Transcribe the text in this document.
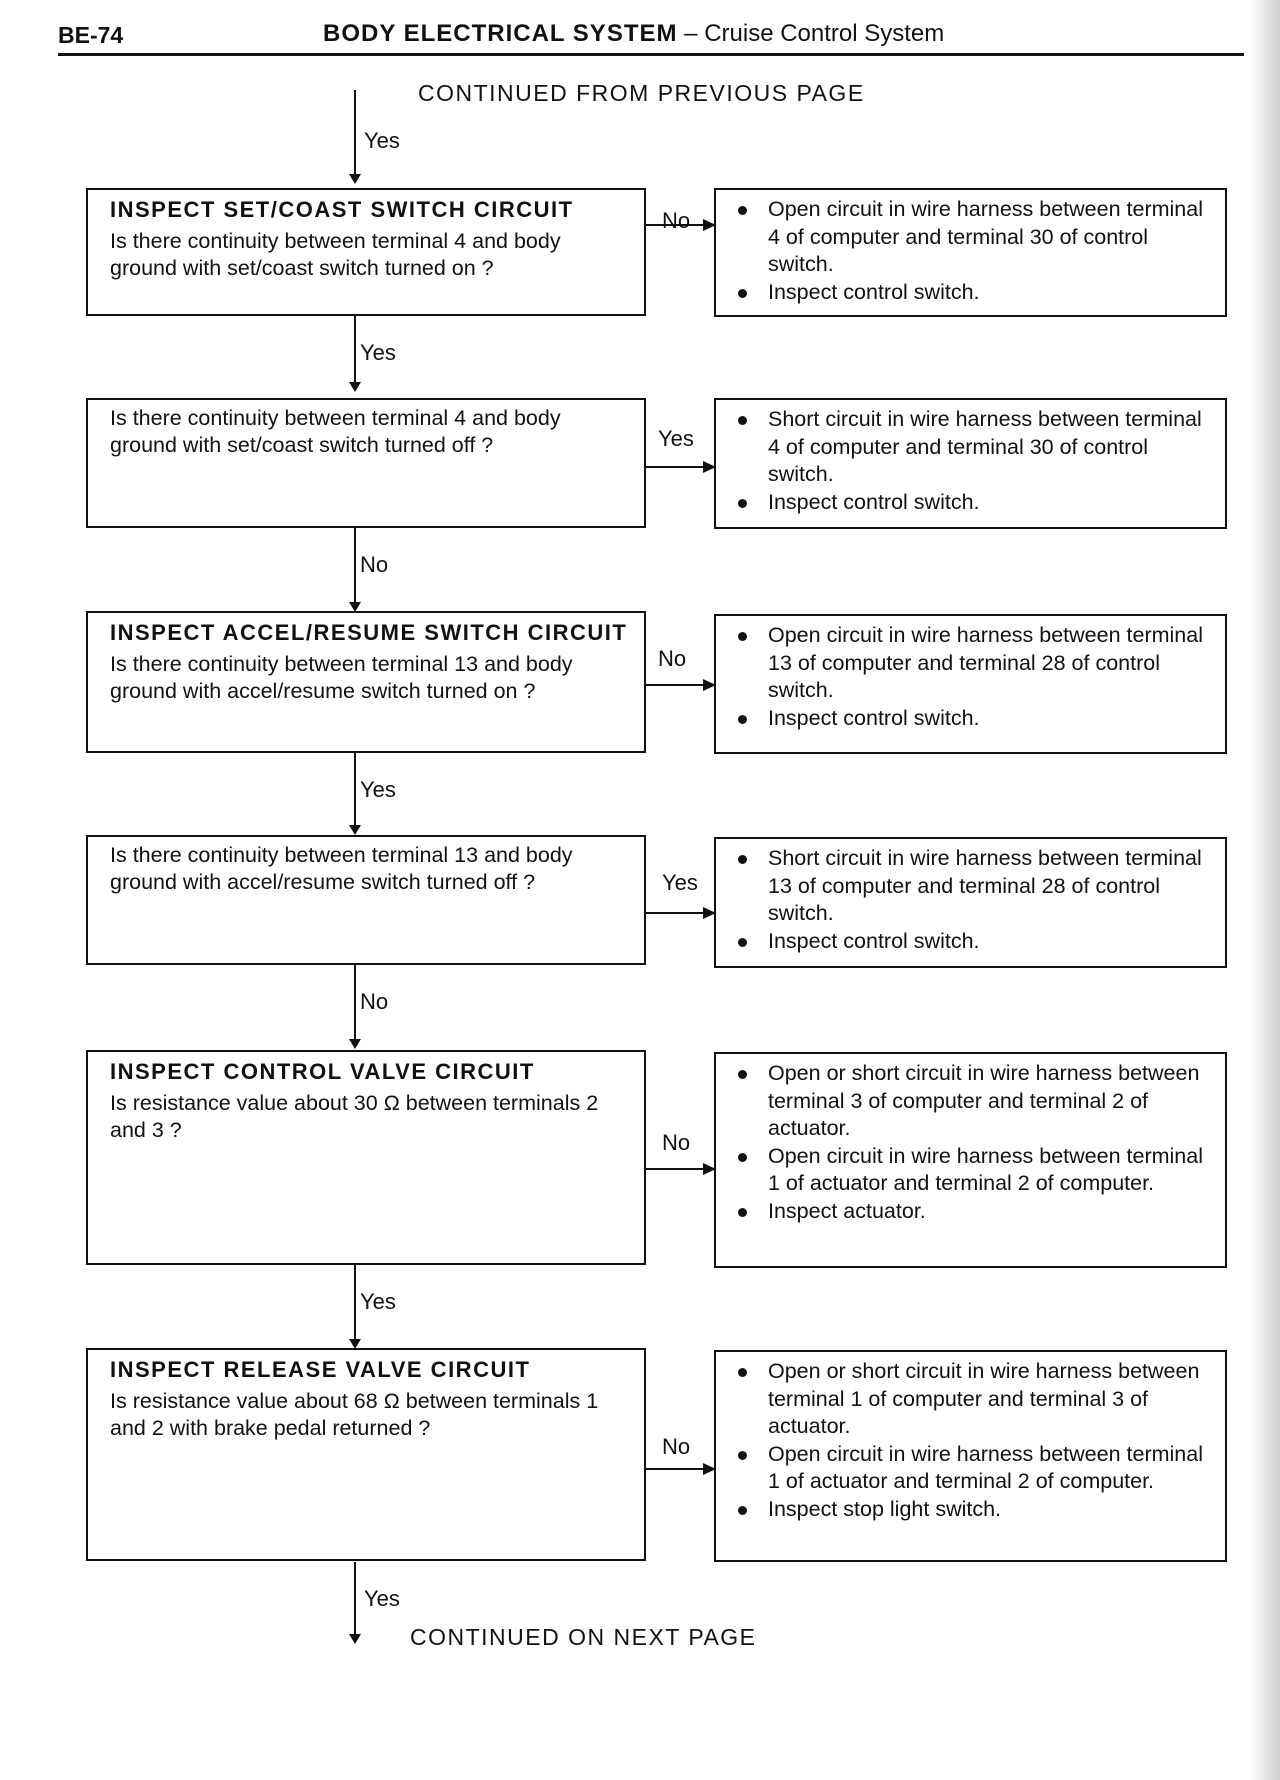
BE-74	BODY ELECTRICAL SYSTEM – Cruise Control System
CONTINUED FROM PREVIOUS PAGE
Yes
INSPECT SET/COAST SWITCH CIRCUIT

Is there continuity between terminal 4 and body ground with set/coast switch turned on ?

No	Open circuit in wire harness between terminal 4 of computer and terminal 30 of control switch.
Inspect control switch.
Yes

Is there continuity between terminal 4 and body ground with set/coast switch turned off ?	Yes
Short circuit in wire harness between terminal 4 of computer and terminal 30 of control switch.
Inspect control switch.
No
INSPECT ACCEL/RESUME SWITCH CIRCUIT

Is there continuity between terminal 13 and body ground with accel/resume switch turned on ?

No
Open circuit in wire harness between terminal 13 of computer and terminal 28 of control switch.
Inspect control switch.
Yes

Is there continuity between terminal 13 and body ground with accel/resume switch turned off ?	Yes
Short circuit in wire harness between terminal 13 of computer and terminal 28 of control switch.
Inspect control switch.
No
INSPECT CONTROL VALVE CIRCUIT

Is resistance value about 30 Ω between terminals 2 and 3 ?	No
Open or short circuit in wire harness between terminal 3 of computer and terminal 2 of actuator.
Open circuit in wire harness between terminal 1 of actuator and terminal 2 of computer.
Inspect actuator.
Yes
INSPECT RELEASE VALVE CIRCUIT

Is resistance value about 68 Ω between terminals 1 and 2 with brake pedal returned ?

No
Open or short circuit in wire harness between terminal 1 of computer and terminal 3 of actuator.
Open circuit in wire harness between terminal 1 of actuator and terminal 2 of computer.
Inspect stop light switch.
Yes
CONTINUED ON NEXT PAGE
